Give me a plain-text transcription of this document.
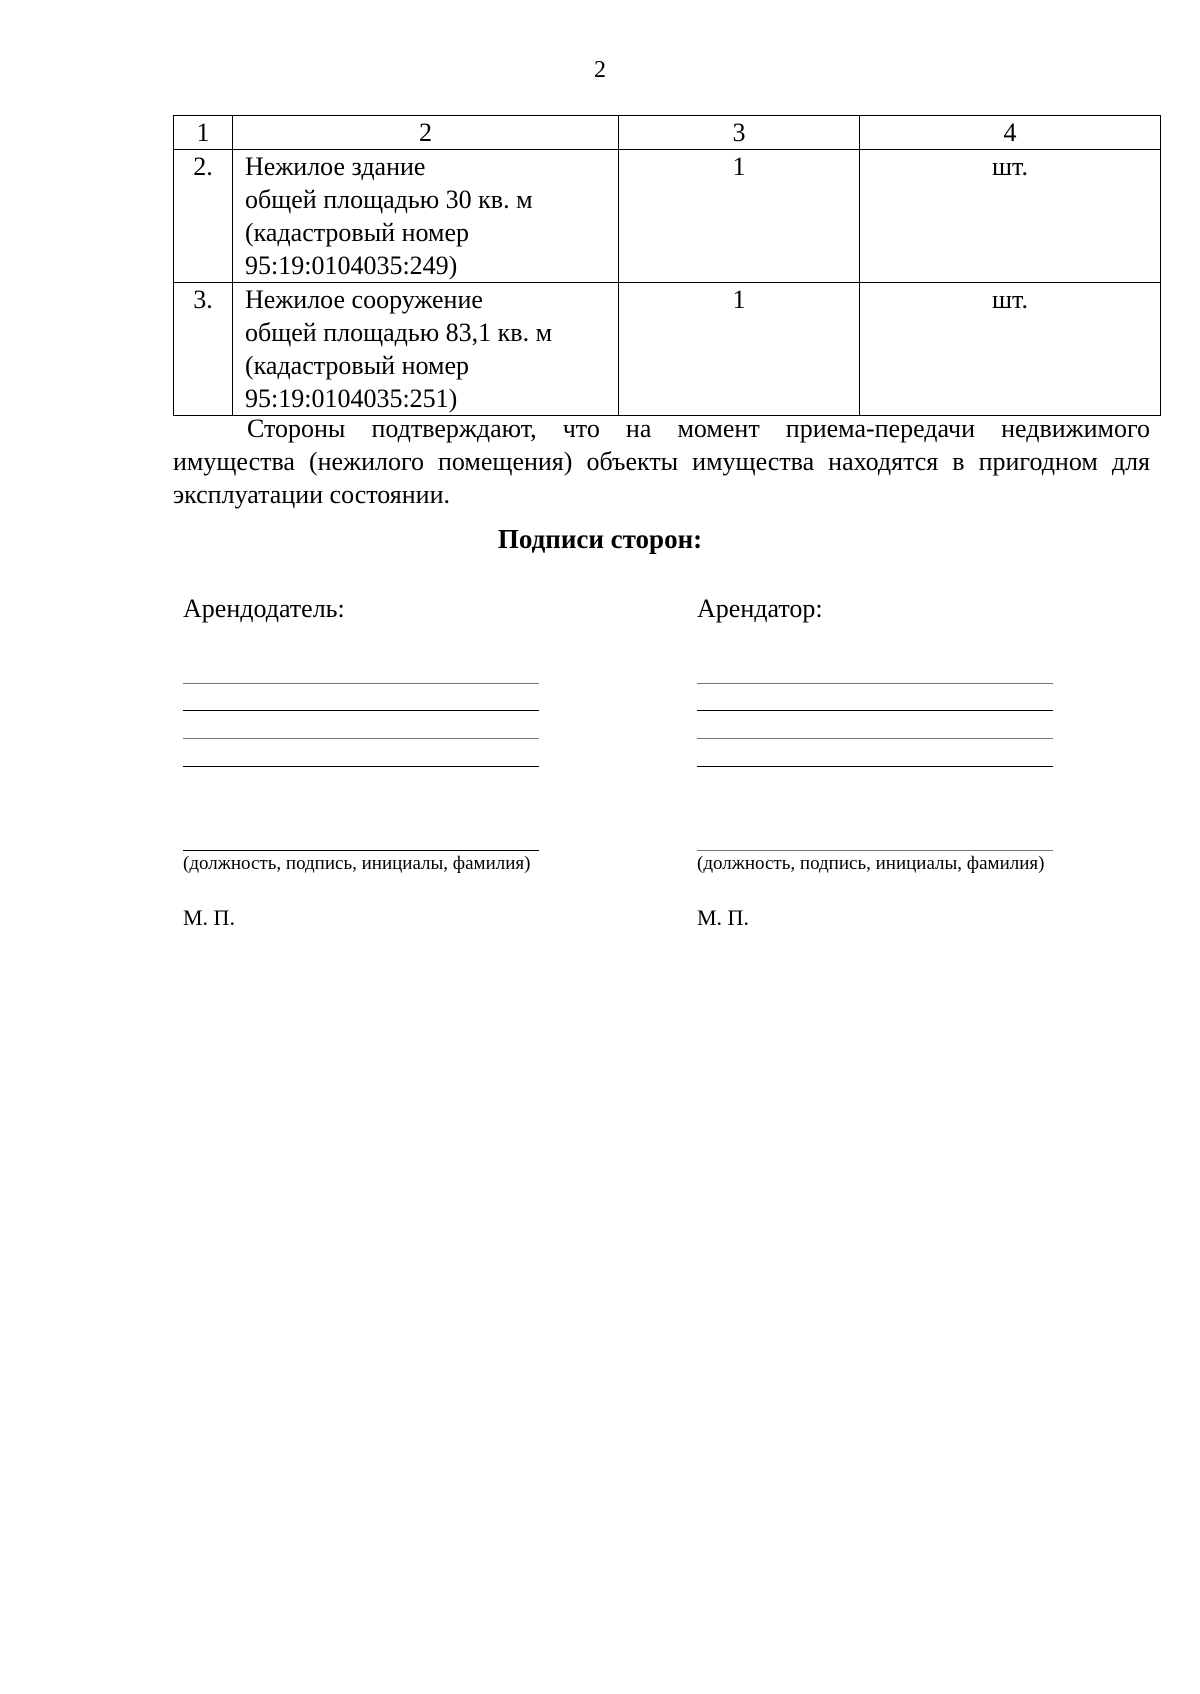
2
1	2	3	4
2.	Нежилое здание
общей площадью 30 кв. м
(кадастровый номер
95:19:0104035:249)	1	шт.
3.	Нежилое сооружение
общей площадью 83,1 кв. м
(кадастровый номер
95:19:0104035:251)	1	шт.

Стороны подтверждают, что на момент приема-передачи недвижимого имущества (нежилого помещения) объекты имущества находятся в пригодном для эксплуатации состоянии.

Подписи сторон:

Арендодатель:

(должность, подпись, инициалы, фамилия)
М. П.

Арендатор:

(должность, подпись, инициалы, фамилия)
М. П.
